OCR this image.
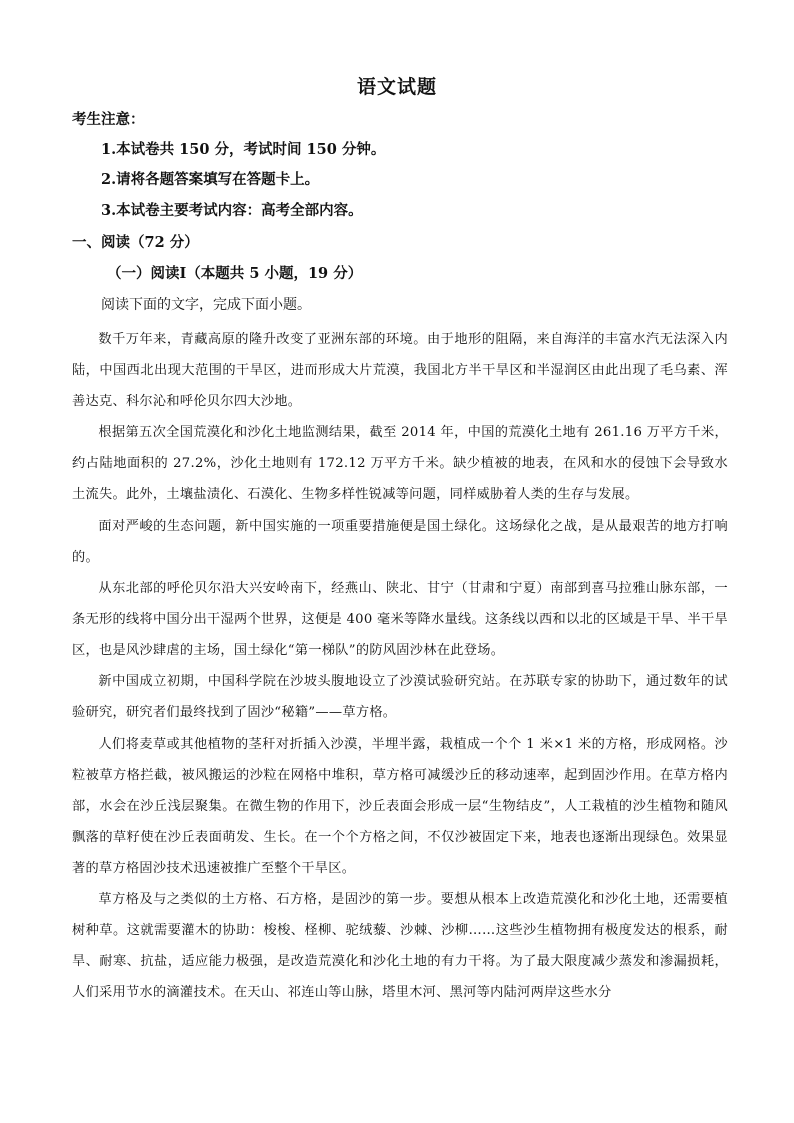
语文试题
考生注意：
1.本试卷共 150 分，考试时间 150 分钟。
2.请将各题答案填写在答题卡上。
3.本试卷主要考试内容：高考全部内容。
一、阅读（72 分）
（一）阅读Ⅰ（本题共 5 小题，19 分）
阅读下面的文字，完成下面小题。
数千万年来，青藏高原的隆升改变了亚洲东部的环境。由于地形的阻隔，来自海洋的丰富水汽无法深入内陆，中国西北出现大范围的干旱区，进而形成大片荒漠，我国北方半干旱区和半湿润区由此出现了毛乌素、浑善达克、科尔沁和呼伦贝尔四大沙地。
根据第五次全国荒漠化和沙化土地监测结果，截至 2014 年，中国的荒漠化土地有 261.16 万平方千米，约占陆地面积的 27.2%，沙化土地则有 172.12 万平方千米。缺少植被的地表，在风和水的侵蚀下会导致水土流失。此外，土壤盐渍化、石漠化、生物多样性锐减等问题，同样威胁着人类的生存与发展。
面对严峻的生态问题，新中国实施的一项重要措施便是国土绿化。这场绿化之战，是从最艰苦的地方打响的。
从东北部的呼伦贝尔沿大兴安岭南下，经燕山、陕北、甘宁（甘肃和宁夏）南部到喜马拉雅山脉东部，一条无形的线将中国分出干湿两个世界，这便是 400 毫米等降水量线。这条线以西和以北的区域是干旱、半干旱区，也是风沙肆虐的主场，国土绿化“第一梯队”的防风固沙林在此登场。
新中国成立初期，中国科学院在沙坡头腹地设立了沙漠试验研究站。在苏联专家的协助下，通过数年的试验研究，研究者们最终找到了固沙“秘籍”——草方格。
人们将麦草或其他植物的茎秆对折插入沙漠，半埋半露，栽植成一个个 1 米×1 米的方格，形成网格。沙粒被草方格拦截，被风搬运的沙粒在网格中堆积，草方格可减缓沙丘的移动速率，起到固沙作用。在草方格内部，水会在沙丘浅层聚集。在微生物的作用下，沙丘表面会形成一层“生物结皮”，人工栽植的沙生植物和随风飘落的草籽使在沙丘表面萌发、生长。在一个个方格之间，不仅沙被固定下来，地表也逐渐出现绿色。效果显著的草方格固沙技术迅速被推广至整个干旱区。
草方格及与之类似的土方格、石方格，是固沙的第一步。要想从根本上改造荒漠化和沙化土地，还需要植树种草。这就需要灌木的协助：梭梭、柽柳、驼绒藜、沙棘、沙柳……这些沙生植物拥有极度发达的根系，耐旱、耐寒、抗盐，适应能力极强，是改造荒漠化和沙化土地的有力干将。为了最大限度减少蒸发和渗漏损耗，人们采用节水的滴灌技术。在天山、祁连山等山脉，塔里木河、黑河等内陆河两岸这些水分
